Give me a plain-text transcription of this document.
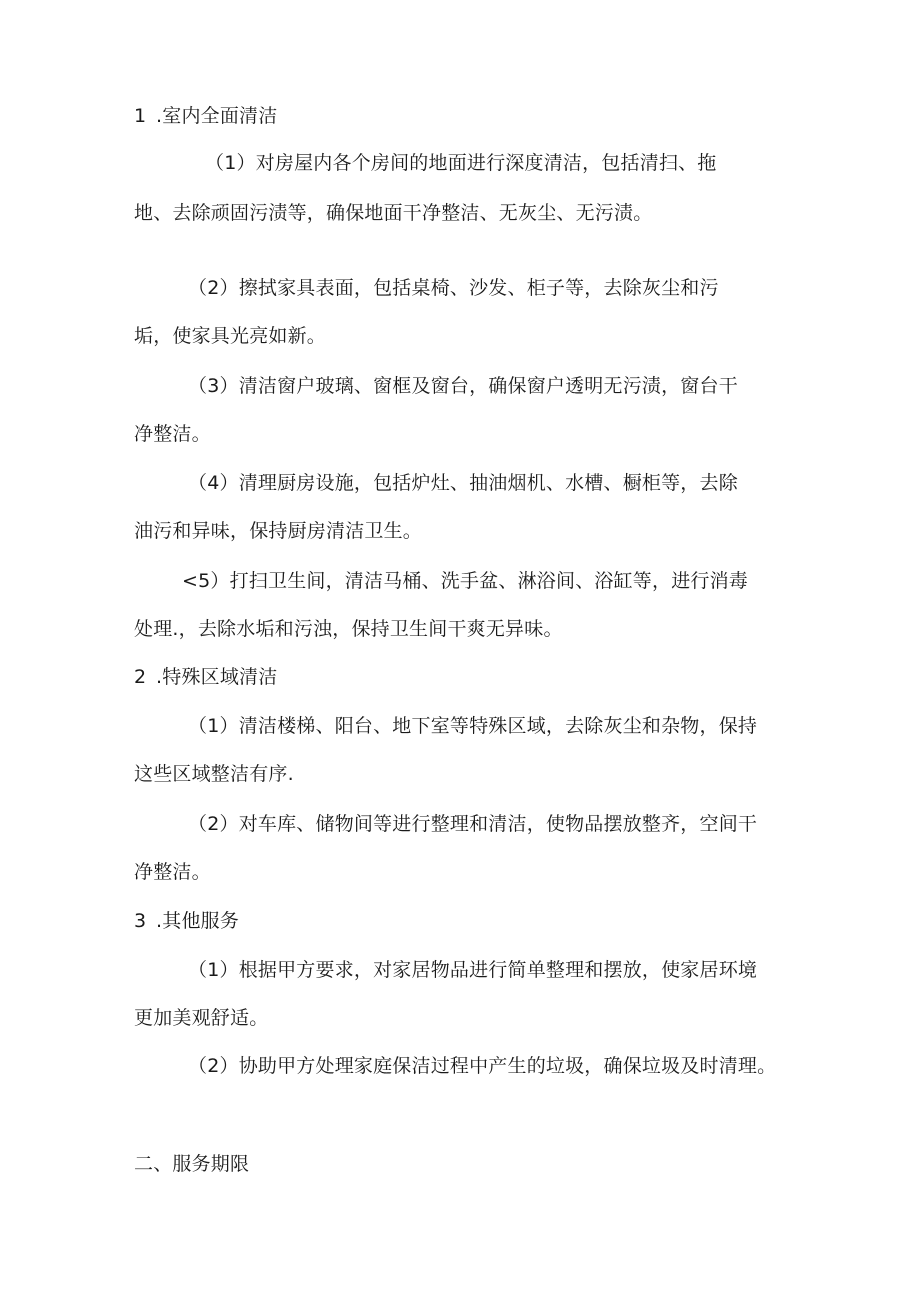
1 .室内全面清洁
（1）对房屋内各个房间的地面进行深度清洁，包括清扫、拖
地、去除顽固污渍等，确保地面干净整洁、无灰尘、无污渍。
（2）擦拭家具表面，包括桌椅、沙发、柜子等，去除灰尘和污
垢，使家具光亮如新。
（3）清洁窗户玻璃、窗框及窗台，确保窗户透明无污渍，窗台干
净整洁。
（4）清理厨房设施，包括炉灶、抽油烟机、水槽、橱柜等，去除
油污和异味，保持厨房清洁卫生。
<5）打扫卫生间，清洁马桶、洗手盆、淋浴间、浴缸等，进行消毒
处理.，去除水垢和污浊，保持卫生间干爽无异味。
2 .特殊区域清洁
（1）清洁楼梯、阳台、地下室等特殊区域，去除灰尘和杂物，保持
这些区域整洁有序.
（2）对车库、储物间等进行整理和清洁，使物品摆放整齐，空间干
净整洁。
3 .其他服务
（1）根据甲方要求，对家居物品进行简单整理和摆放，使家居环境
更加美观舒适。
（2）协助甲方处理家庭保洁过程中产生的垃圾，确保垃圾及时清理。
二、服务期限
